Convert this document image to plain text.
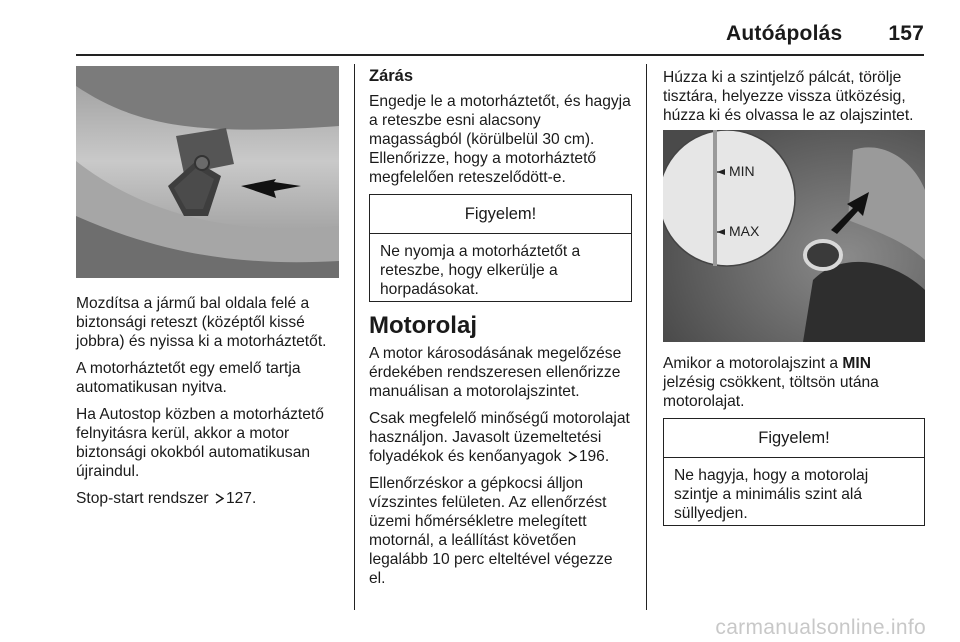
Autóápolás 157

Mozdítsa a jármű bal oldala felé a biztonsági reteszt (középtől kissé jobbra) és nyissa ki a motorháztetőt.

A motorháztetőt egy emelő tartja automatikusan nyitva.

Ha Autostop közben a motorháztető felnyitásra kerül, akkor a motor biztonsági okokból automatikusan újraindul.

Stop-start rendszer 127.

Zárás

Engedje le a motorháztetőt, és hagyja a reteszbe esni alacsony magasságból (körülbelül 30 cm). Ellenőrizze, hogy a motorháztető megfelelően reteszelődött-e.

Figyelem!
Ne nyomja a motorháztetőt a reteszbe, hogy elkerülje a horpadásokat.
Motorolaj

A motor károsodásának megelőzése érdekében rendszeresen ellenőrizze manuálisan a motorolajszintet.

Csak megfelelő minőségű motorolajat használjon. Javasolt üzemeltetési folyadékok és kenőanyagok 196.

Ellenőrzéskor a gépkocsi álljon vízszintes felületen. Az ellenőrzést üzemi hőmérsékletre melegített motornál, a leállítást követően legalább 10 perc elteltével végezze el.

Húzza ki a szintjelző pálcát, törölje tisztára, helyezze vissza ütközésig, húzza ki és olvassa le az olajszintet.

MIN
MAX

Amikor a motorolajszint a MIN jelzésig csökkent, töltsön utána motorolajat.

Figyelem!
Ne hagyja, hogy a motorolaj szintje a minimális szint alá süllyedjen.
carmanualsonline.info
